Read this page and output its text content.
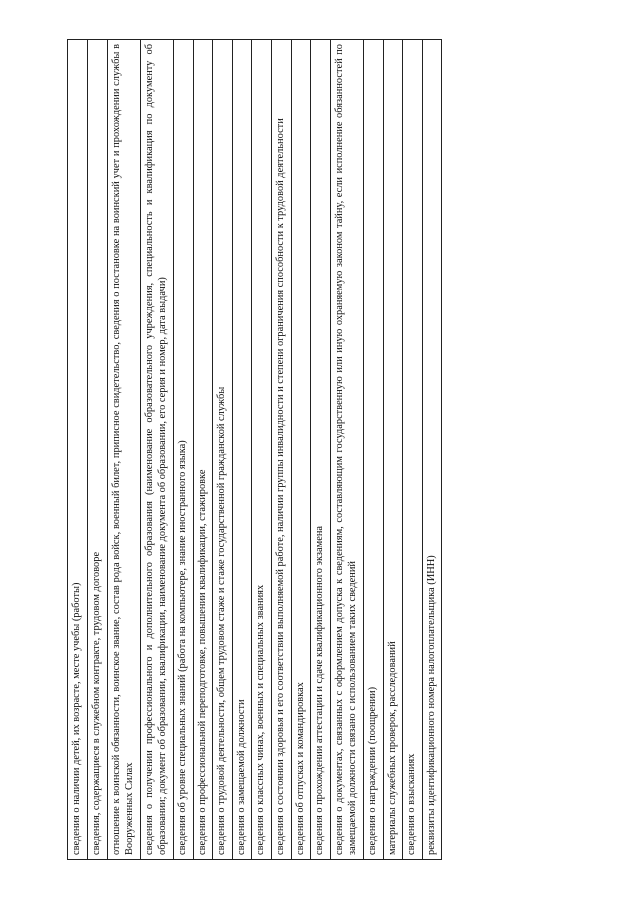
сведения о наличии детей, их возрасте, месте учебы (работы)
сведения, содержащиеся в служебном контракте, трудовом договоре
отношение к воинской обязанности, воинское звание, состав рода войск, военный билет, приписное свидетельство, сведения о постановке на воинский учет и прохождении службы в Вооруженных Силах
сведения о получении профессионального и дополнительного образования (наименование образовательного учреждения, специальность и квалификация по документу об образовании; документ об образовании, квалификации, наименование документа об образовании, его серия и номер, дата выдачи)
сведения об уровне специальных знаний (работа на компьютере, знание иностранного языка)
сведения о профессиональной переподготовке, повышении квалификации, стажировке
сведения о трудовой деятельности, общем трудовом стаже и стаже государственной гражданской службы
сведения о замещаемой должности
сведения о классных чинах, военных и специальных званиях
сведения о состоянии здоровья и его соответствии выполняемой работе, наличии группы инвалидности и степени ограничения способности к трудовой деятельности
сведения об отпусках и командировках
сведения о прохождении аттестации и сдаче квалификационного экзамена
сведения о документах, связанных с оформлением допуска к сведениям, составляющим государственную или иную охраняемую законом тайну, если исполнение обязанностей по замещаемой должности связано с использованием таких сведений
сведения о награждении (поощрении)
материалы служебных проверок, расследований
сведения о взысканиях
реквизиты идентификационного номера налогоплательщика (ИНН)
